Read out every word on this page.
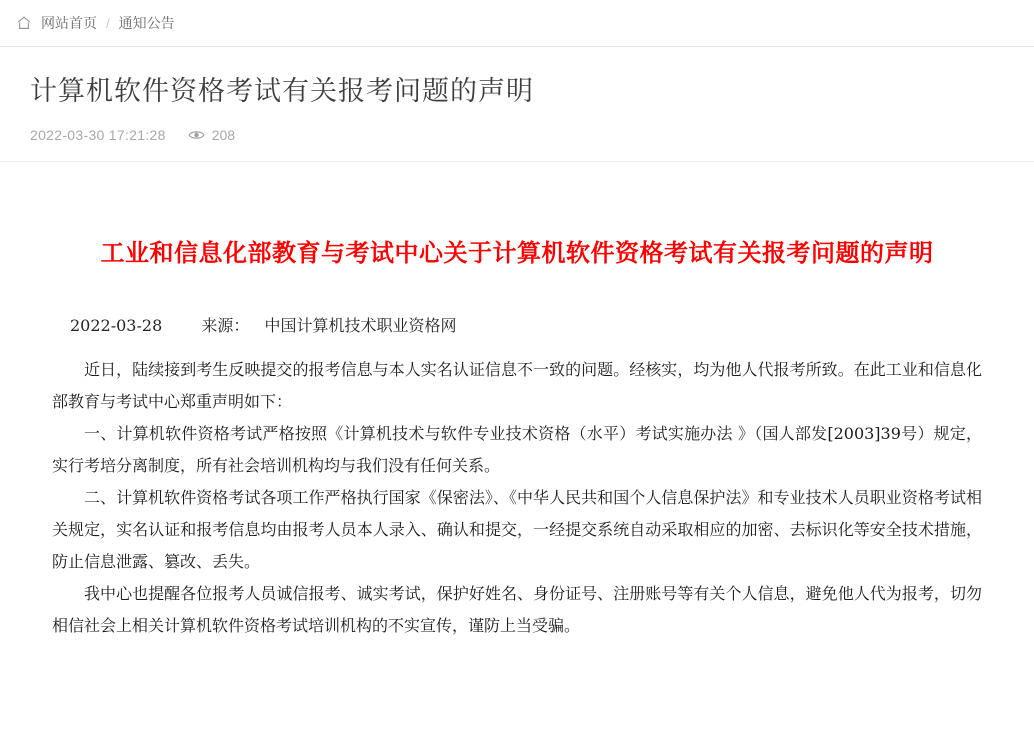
网站首页 / 通知公告
计算机软件资格考试有关报考问题的声明
2022-03-30 17:21:28	208
工业和信息化部教育与考试中心关于计算机软件资格考试有关报考问题的声明
2022-03-28 来源： 中国计算机技术职业资格网

近日，陆续接到考生反映提交的报考信息与本人实名认证信息不一致的问题。经核实，均为他人代报考所致。在此工业和信息化部教育与考试中心郑重声明如下：

一、计算机软件资格考试严格按照《计算机技术与软件专业技术资格（水平）考试实施办法 》（国人部发[2003]39号）规定，实行考培分离制度，所有社会培训机构均与我们没有任何关系。

二、计算机软件资格考试各项工作严格执行国家《保密法》、《中华人民共和国个人信息保护法》和专业技术人员职业资格考试相关规定，实名认证和报考信息均由报考人员本人录入、确认和提交，一经提交系统自动采取相应的加密、去标识化等安全技术措施，防止信息泄露、篡改、丢失。

我中心也提醒各位报考人员诚信报考、诚实考试，保护好姓名、身份证号、注册账号等有关个人信息，避免他人代为报考，切勿相信社会上相关计算机软件资格考试培训机构的不实宣传，谨防上当受骗。
